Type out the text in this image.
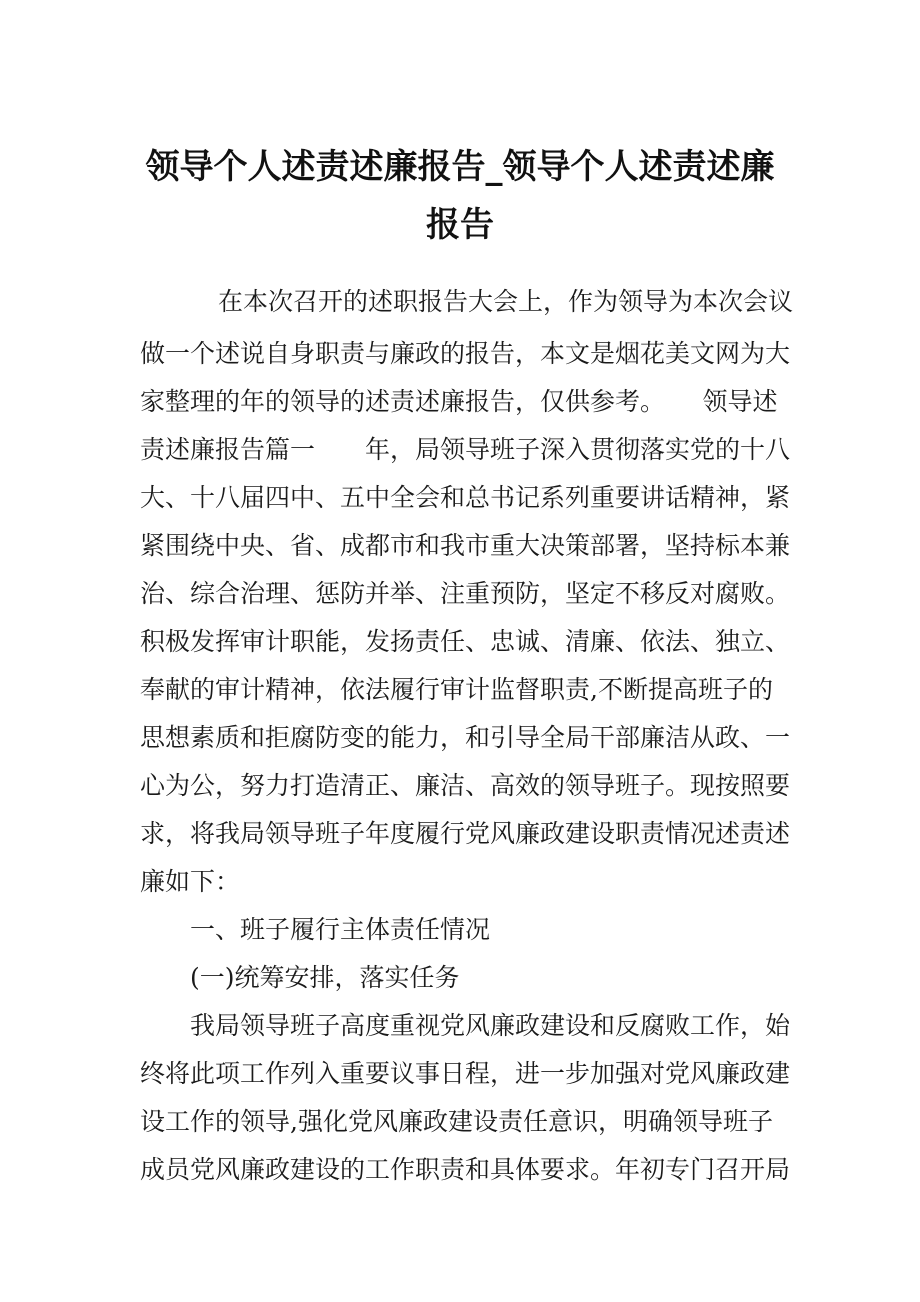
领导个人述责述廉报告_领导个人述责述廉
报告

在本次召开的述职报告大会上，作为领导为本次会议

做一个述说自身职责与廉政的报告，本文是烟花美文网为大

家整理的年的领导的述责述廉报告，仅供参考。　　领导述

责述廉报告篇一　　年，局领导班子深入贯彻落实党的十八

大、十八届四中、五中全会和总书记系列重要讲话精神，紧

紧围绕中央、省、成都市和我市重大决策部署，坚持标本兼

治、综合治理、惩防并举、注重预防，坚定不移反对腐败。

积极发挥审计职能，发扬责任、忠诚、清廉、依法、独立、

奉献的审计精神，依法履行审计监督职责,不断提高班子的

思想素质和拒腐防变的能力，和引导全局干部廉洁从政、一

心为公，努力打造清正、廉洁、高效的领导班子。现按照要

求，将我局领导班子年度履行党风廉政建设职责情况述责述

廉如下：

一、班子履行主体责任情况

(一)统筹安排，落实任务

我局领导班子高度重视党风廉政建设和反腐败工作，始

终将此项工作列入重要议事日程，进一步加强对党风廉政建

设工作的领导,强化党风廉政建设责任意识，明确领导班子

成员党风廉政建设的工作职责和具体要求。年初专门召开局
